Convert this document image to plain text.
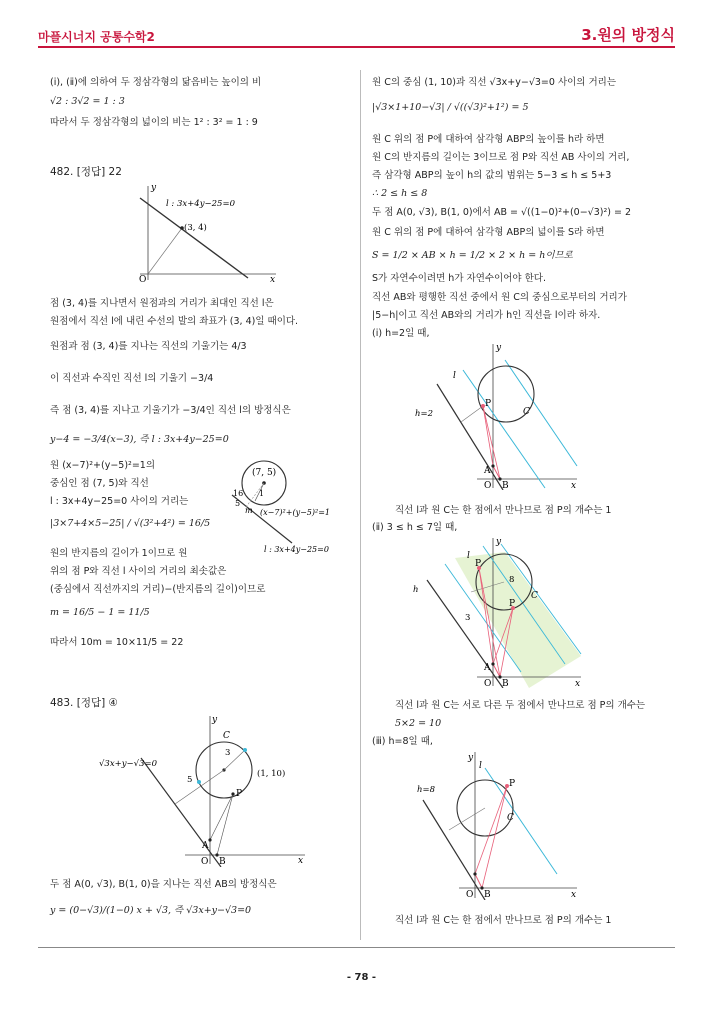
마플시너지 공통수학2	3.원의 방정식
(ⅰ), (ⅱ)에 의하여 두 정삼각형의 닮음비는 높이의 비
√2 : 3√2 = 1 : 3
따라서 두 정삼각형의 넓이의 비는 1² : 3² = 1 : 9
482. [정답] 22
y
x
O
l : 3x+4y−25=0
(3, 4)
점 (3, 4)를 지나면서 원점과의 거리가 최대인 직선 l은
원점에서 직선 l에 내린 수선의 발의 좌표가 (3, 4)일 때이다.
원점과 점 (3, 4)를 지나는 직선의 기울기는 4/3
이 직선과 수직인 직선 l의 기울기 −3/4
즉 점 (3, 4)를 지나고 기울기가 −3/4인 직선 l의 방정식은
y−4 = −3/4(x−3), 즉 l : 3x+4y−25=0
원 (x−7)²+(y−5)²=1의
중심인 점 (7, 5)와 직선
l : 3x+4y−25=0 사이의 거리는
|3×7+4×5−25| / √(3²+4²) = 16/5
원의 반지름의 길이가 1이므로 원
위의 점 P와 직선 l 사이의 거리의 최솟값은
(중심에서 직선까지의 거리)−(반지름의 길이)이므로
m = 16/5 − 1 = 11/5
따라서 10m = 10×11/5 = 22
(7, 5)
1
16
5
m (x−7)²+(y−5)²=1
l : 3x+4y−25=0
483. [정답] ④
y
x
O B
A
C
P
3
5
(1, 10)
√3x+y−√3=0
두 점 A(0, √3), B(1, 0)을 지나는 직선 AB의 방정식은
y = (0−√3)/(1−0) x + √3, 즉 √3x+y−√3=0
원 C의 중심 (1, 10)과 직선 √3x+y−√3=0 사이의 거리는
|√3×1+10−√3| / √((√3)²+1²) = 5
원 C 위의 점 P에 대하여 삼각형 ABP의 높이를 h라 하면
원 C의 반지름의 길이는 3이므로 점 P와 직선 AB 사이의 거리,
즉 삼각형 ABP의 높이 h의 값의 범위는 5−3 ≤ h ≤ 5+3
∴ 2 ≤ h ≤ 8
두 점 A(0, √3), B(1, 0)에서 AB = √((1−0)²+(0−√3)²) = 2
원 C 위의 점 P에 대하여 삼각형 ABP의 넓이를 S라 하면
S = 1/2 × AB × h = 1/2 × 2 × h = h이므로
S가 자연수이려면 h가 자연수이어야 한다.
직선 AB와 평행한 직선 중에서 원 C의 중심으로부터의 거리가
|5−h|이고 직선 AB와의 거리가 h인 직선을 l이라 하자.
(ⅰ) h=2일 때,
y
x
O B
A
C
P
l
h=2
직선 l과 원 C는 한 점에서 만나므로 점 P의 개수는 1
(ⅱ) 3 ≤ h ≤ 7일 때,
y
x
O B
A
C
P
P
l
h
8
3
직선 l과 원 C는 서로 다른 두 점에서 만나므로 점 P의 개수는
5×2 = 10
(ⅲ) h=8일 때,
y
x
O B
C
P
l
h=8
직선 l과 원 C는 한 점에서 만나므로 점 P의 개수는 1
- 78 -
